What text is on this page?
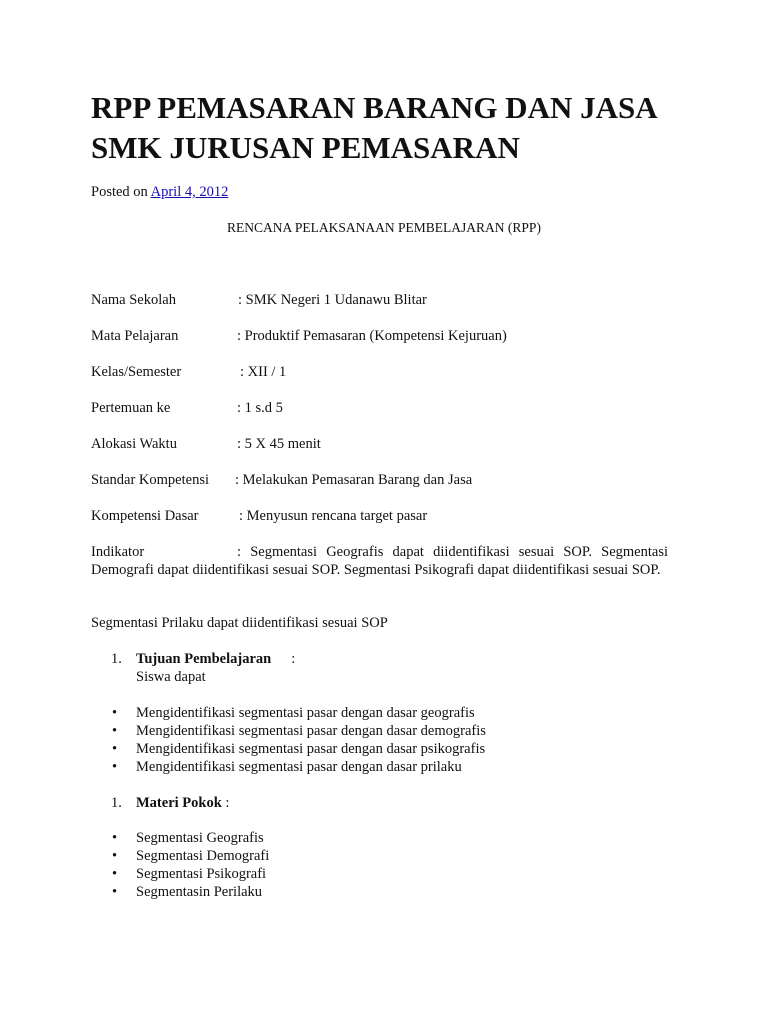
RPP PEMASARAN BARANG DAN JASA
SMK JURUSAN PEMASARAN
Posted on April 4, 2012
RENCANA PELAKSANAAN PEMBELAJARAN (RPP)
Nama Sekolah	: SMK Negeri 1 Udanawu Blitar
Mata Pelajaran	: Produktif Pemasaran (Kompetensi Kejuruan)
Kelas/Semester	: XII / 1
Pertemuan ke	: 1 s.d 5
Alokasi Waktu	: 5 X 45 menit
Standar Kompetensi : Melakukan Pemasaran Barang dan Jasa
Kompetensi Dasar	: Menyusun rencana target pasar
Indikator	: Segmentasi Geografis dapat diidentifikasi sesuai SOP. Segmentasi Demografi dapat diidentifikasi sesuai SOP. Segmentasi Psikografi dapat diidentifikasi sesuai SOP.
Segmentasi Prilaku dapat diidentifikasi sesuai SOP
1. Tujuan Pembelajaran :
Siswa dapat
• Mengidentifikasi segmentasi pasar dengan dasar geografis
• Mengidentifikasi segmentasi pasar dengan dasar demografis
• Mengidentifikasi segmentasi pasar dengan dasar psikografis
• Mengidentifikasi segmentasi pasar dengan dasar prilaku
1. Materi Pokok :
• Segmentasi Geografis
• Segmentasi Demografi
• Segmentasi Psikografi
• Segmentasin Perilaku
